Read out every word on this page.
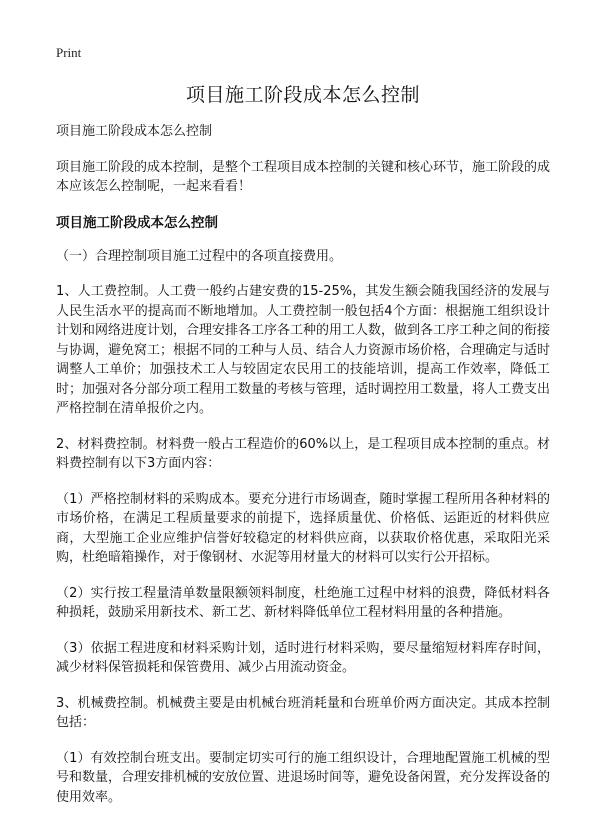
Print
项目施工阶段成本怎么控制

项目施工阶段成本怎么控制

项目施工阶段的成本控制，是整个工程项目成本控制的关键和核心环节，施工阶段的成本应该怎么控制呢，一起来看看！

项目施工阶段成本怎么控制

（一）合理控制项目施工过程中的各项直接费用。

1、人工费控制。人工费一般约占建安费的15-25%，其发生额会随我国经济的发展与人民生活水平的提高而不断地增加。人工费控制一般包括4个方面：根据施工组织设计计划和网络进度计划，合理安排各工序各工种的用工人数，做到各工序工种之间的衔接与协调，避免窝工；根据不同的工种与人员、结合人力资源市场价格，合理确定与适时调整人工单价；加强技术工人与较固定农民用工的技能培训，提高工作效率，降低工时；加强对各分部分项工程用工数量的考核与管理，适时调控用工数量，将人工费支出严格控制在清单报价之内。

2、材料费控制。材料费一般占工程造价的60%以上，是工程项目成本控制的重点。材料费控制有以下3方面内容：

（1）严格控制材料的采购成本。要充分进行市场调查，随时掌握工程所用各种材料的市场价格，在满足工程质量要求的前提下，选择质量优、价格低、运距近的材料供应商，大型施工企业应维护信誉好较稳定的材料供应商，以获取价格优惠，采取阳光采购，杜绝暗箱操作，对于像钢材、水泥等用材量大的材料可以实行公开招标。

（2）实行按工程量清单数量限额领料制度，杜绝施工过程中材料的浪费，降低材料各种损耗，鼓励采用新技术、新工艺、新材料降低单位工程材料用量的各种措施。

（3）依据工程进度和材料采购计划，适时进行材料采购，要尽量缩短材料库存时间，减少材料保管损耗和保管费用、减少占用流动资金。

3、机械费控制。机械费主要是由机械台班消耗量和台班单价两方面决定。其成本控制包括：

（1）有效控制台班支出。要制定切实可行的施工组织设计，合理地配置施工机械的型号和数量，合理安排机械的安放位置、进退场时间等，避免设备闲置，充分发挥设备的使用效率。
